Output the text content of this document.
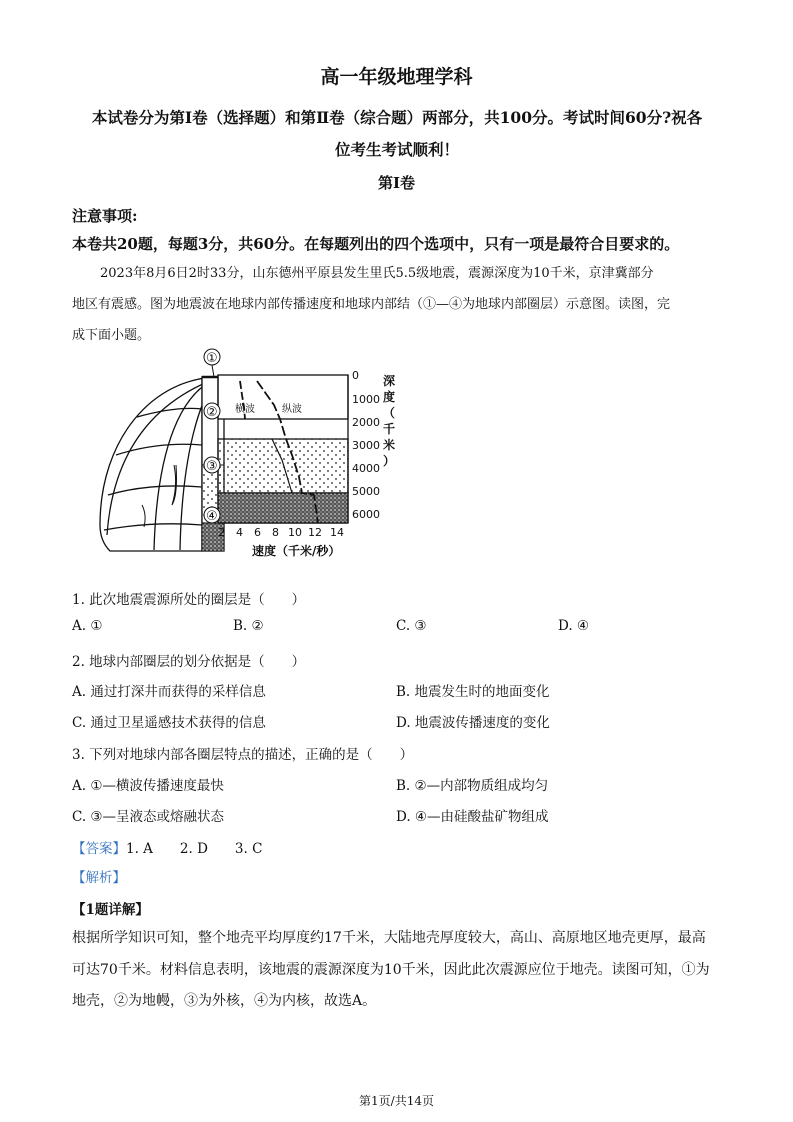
高一年级地理学科
本试卷分为第Ⅰ卷（选择题）和第Ⅱ卷（综合题）两部分，共100分。考试时间60分?祝各
位考生考试顺利！
第Ⅰ卷
注意事项:
本卷共20题，每题3分，共60分。在每题列出的四个选项中，只有一项是最符合目要求的。
2023年8月6日2时33分，山东德州平原县发生里氏5.5级地震，震源深度为10千米，京津冀部分
地区有震感。图为地震波在地球内部传播速度和地球内部结（①—④为地球内部圈层）示意图。读图，完
成下面小题。
横波	纵波
①
②
③
④
0
1000
2000
3000
4000
5000
6000
深
度
（
千
米
）
2 4 6 8 10 12 14
速度（千米/秒）
1. 此次地震震源所处的圈层是（　　）
A. ①	B. ②	C. ③	D. ④
2. 地球内部圈层的划分依据是（　　）
A. 通过打深井而获得的采样信息	B. 地震发生时的地面变化
C. 通过卫星遥感技术获得的信息	D. 地震波传播速度的变化
3. 下列对地球内部各圈层特点的描述，正确的是（　　）
A. ①—横波传播速度最快	B. ②—内部物质组成均匀
C. ③—呈液态或熔融状态	D. ④—由硅酸盐矿物组成
【答案】1. A　　2. D　　3. C
【解析】
【1题详解】
根据所学知识可知，整个地壳平均厚度约17千米，大陆地壳厚度较大，高山、高原地区地壳更厚，最高
可达70千米。材料信息表明，该地震的震源深度为10千米，因此此次震源应位于地壳。读图可知，①为
地壳，②为地幔，③为外核，④为内核，故选A。
第1页/共14页
